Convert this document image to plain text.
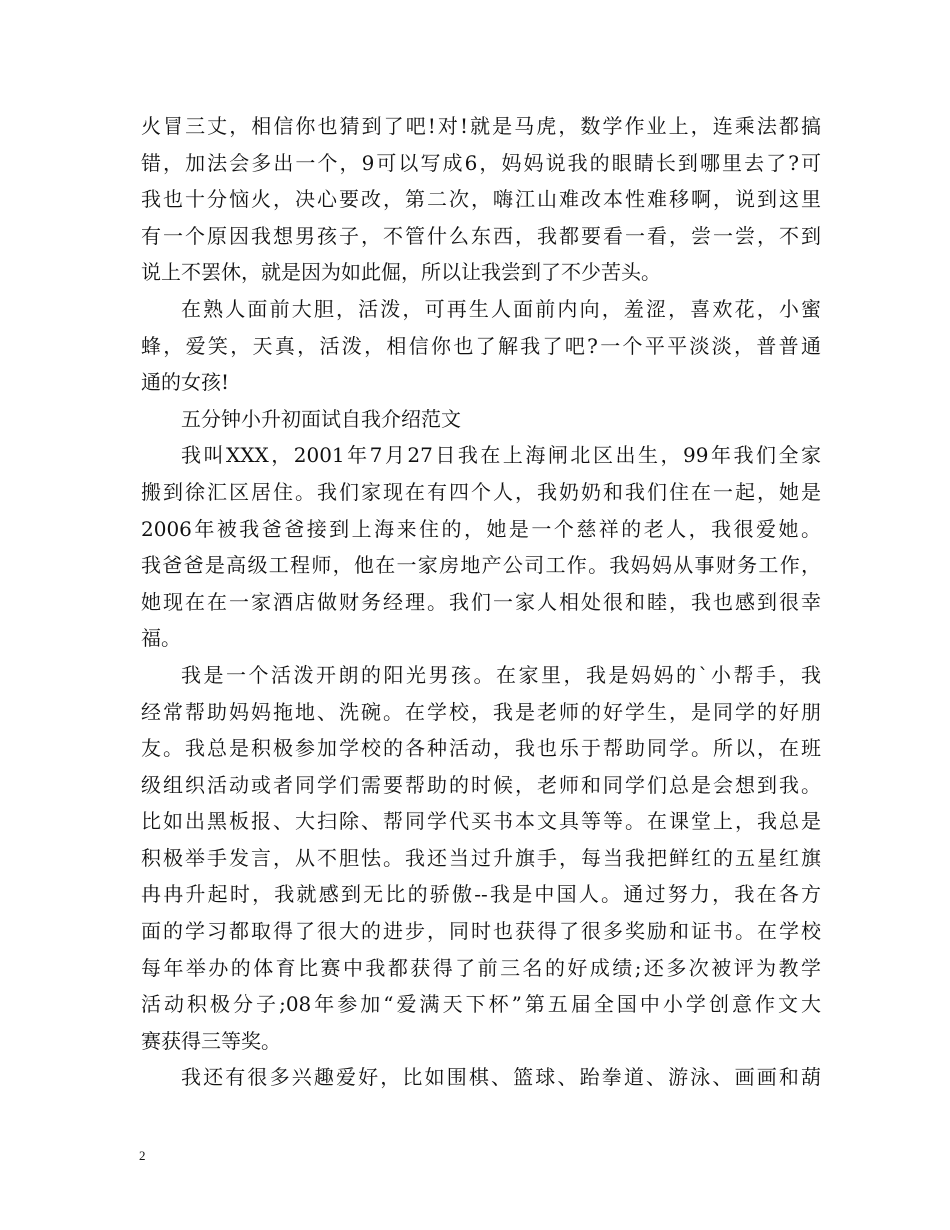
火冒三丈，相信你也猜到了吧!对!就是马虎，数学作业上，连乘法都搞
错，加法会多出一个，9可以写成6，妈妈说我的眼睛长到哪里去了?可
我也十分恼火，决心要改，第二次，嗨江山难改本性难移啊，说到这里
有一个原因我想男孩子，不管什么东西，我都要看一看，尝一尝，不到
说上不罢休，就是因为如此倔，所以让我尝到了不少苦头。
在熟人面前大胆，活泼，可再生人面前内向，羞涩，喜欢花，小蜜
蜂，爱笑，天真，活泼，相信你也了解我了吧?一个平平淡淡，普普通
通的女孩!
五分钟小升初面试自我介绍范文
我叫XXX，2001年7月27日我在上海闸北区出生，99年我们全家
搬到徐汇区居住。我们家现在有四个人，我奶奶和我们住在一起，她是
2006年被我爸爸接到上海来住的，她是一个慈祥的老人，我很爱她。
我爸爸是高级工程师，他在一家房地产公司工作。我妈妈从事财务工作，
她现在在一家酒店做财务经理。我们一家人相处很和睦，我也感到很幸
福。
我是一个活泼开朗的阳光男孩。在家里，我是妈妈的`小帮手，我
经常帮助妈妈拖地、洗碗。在学校，我是老师的好学生，是同学的好朋
友。我总是积极参加学校的各种活动，我也乐于帮助同学。所以，在班
级组织活动或者同学们需要帮助的时候，老师和同学们总是会想到我。
比如出黑板报、大扫除、帮同学代买书本文具等等。在课堂上，我总是
积极举手发言，从不胆怯。我还当过升旗手，每当我把鲜红的五星红旗
冉冉升起时，我就感到无比的骄傲--我是中国人。通过努力，我在各方
面的学习都取得了很大的进步，同时也获得了很多奖励和证书。在学校
每年举办的体育比赛中我都获得了前三名的好成绩;还多次被评为教学
活动积极分子;08年参加“爱满天下杯”第五届全国中小学创意作文大
赛获得三等奖。
我还有很多兴趣爱好，比如围棋、篮球、跆拳道、游泳、画画和葫
2
